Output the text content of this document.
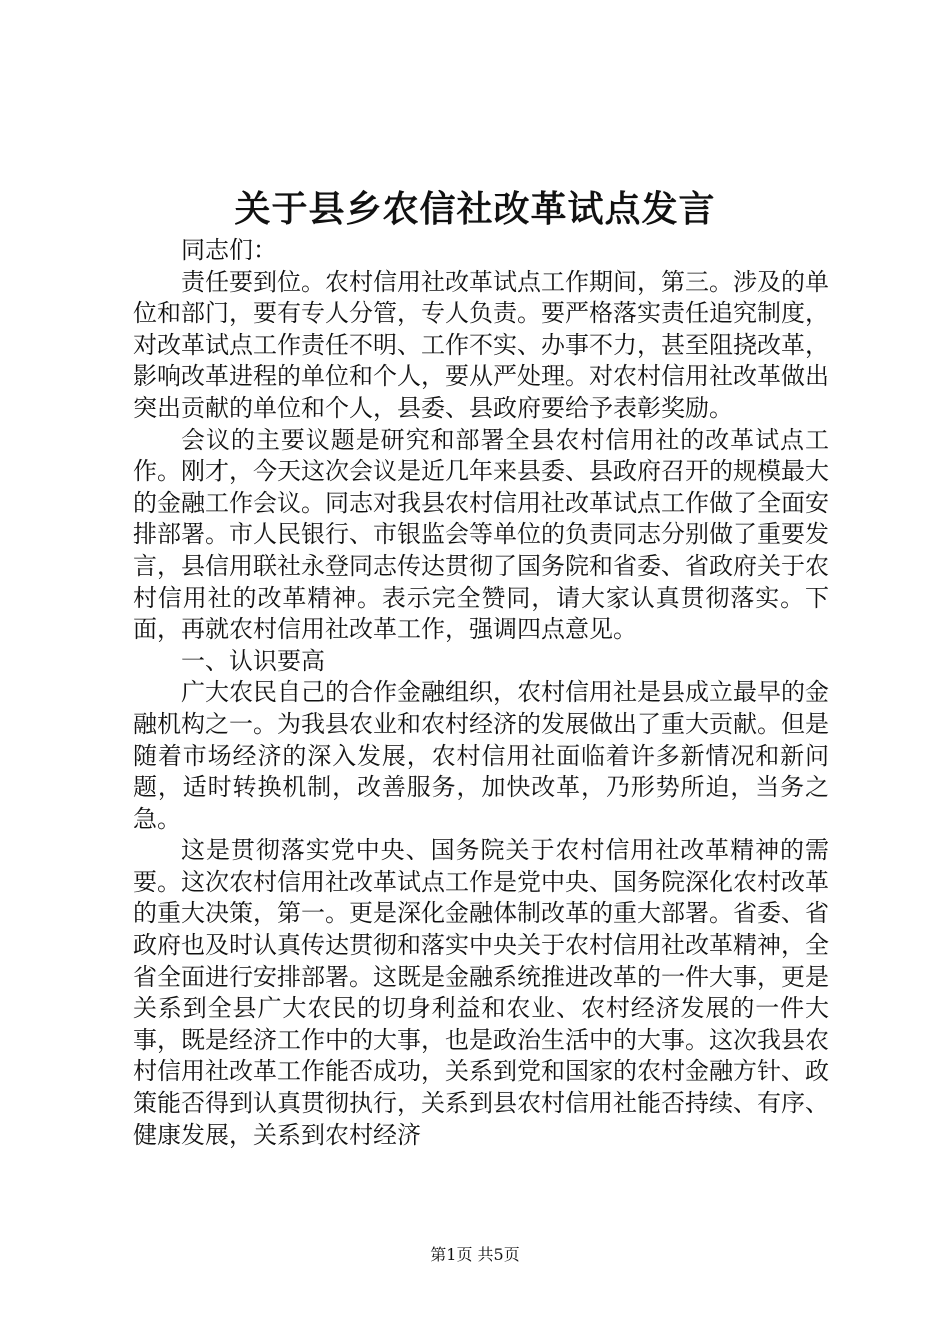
关于县乡农信社改革试点发言

同志们：

责任要到位。农村信用社改革试点工作期间，第三。涉及的单位和部门，要有专人分管，专人负责。要严格落实责任追究制度，对改革试点工作责任不明、工作不实、办事不力，甚至阻挠改革，影响改革进程的单位和个人，要从严处理。对农村信用社改革做出突出贡献的单位和个人，县委、县政府要给予表彰奖励。

会议的主要议题是研究和部署全县农村信用社的改革试点工作。刚才，今天这次会议是近几年来县委、县政府召开的规模最大的金融工作会议。同志对我县农村信用社改革试点工作做了全面安排部署。市人民银行、市银监会等单位的负责同志分别做了重要发言，县信用联社永登同志传达贯彻了国务院和省委、省政府关于农村信用社的改革精神。表示完全赞同，请大家认真贯彻落实。下面，再就农村信用社改革工作，强调四点意见。

一、认识要高

广大农民自己的合作金融组织，农村信用社是县成立最早的金融机构之一。为我县农业和农村经济的发展做出了重大贡献。但是随着市场经济的深入发展，农村信用社面临着许多新情况和新问题，适时转换机制，改善服务，加快改革，乃形势所迫，当务之急。

这是贯彻落实党中央、国务院关于农村信用社改革精神的需要。这次农村信用社改革试点工作是党中央、国务院深化农村改革的重大决策，第一。更是深化金融体制改革的重大部署。省委、省政府也及时认真传达贯彻和落实中央关于农村信用社改革精神，全省全面进行安排部署。这既是金融系统推进改革的一件大事，更是关系到全县广大农民的切身利益和农业、农村经济发展的一件大事，既是经济工作中的大事，也是政治生活中的大事。这次我县农村信用社改革工作能否成功，关系到党和国家的农村金融方针、政策能否得到认真贯彻执行，关系到县农村信用社能否持续、有序、健康发展，关系到农村经济

第1页 共5页
